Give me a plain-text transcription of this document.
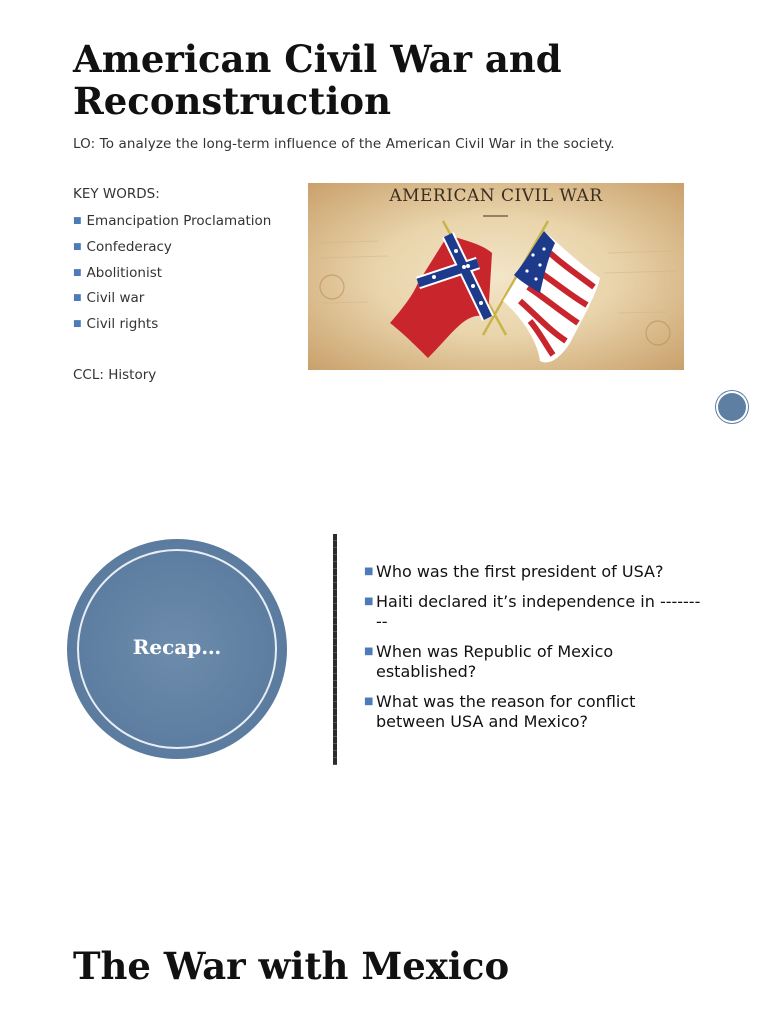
American Civil War and Reconstruction
LO: To analyze the long-term influence of the American Civil War in the society.
KEY WORDS:
■ Emancipation Proclamation
■ Confederacy
■ Abolitionist
■ Civil war
■ Civil rights
CCL: History
AMERICAN CIVIL WAR
Recap…
■ Who was the first president of USA?
■ Haiti declared it’s independence in ---------
■ When was Republic of Mexico established?
■ What was the reason for conflict between USA and Mexico?
The War with Mexico
